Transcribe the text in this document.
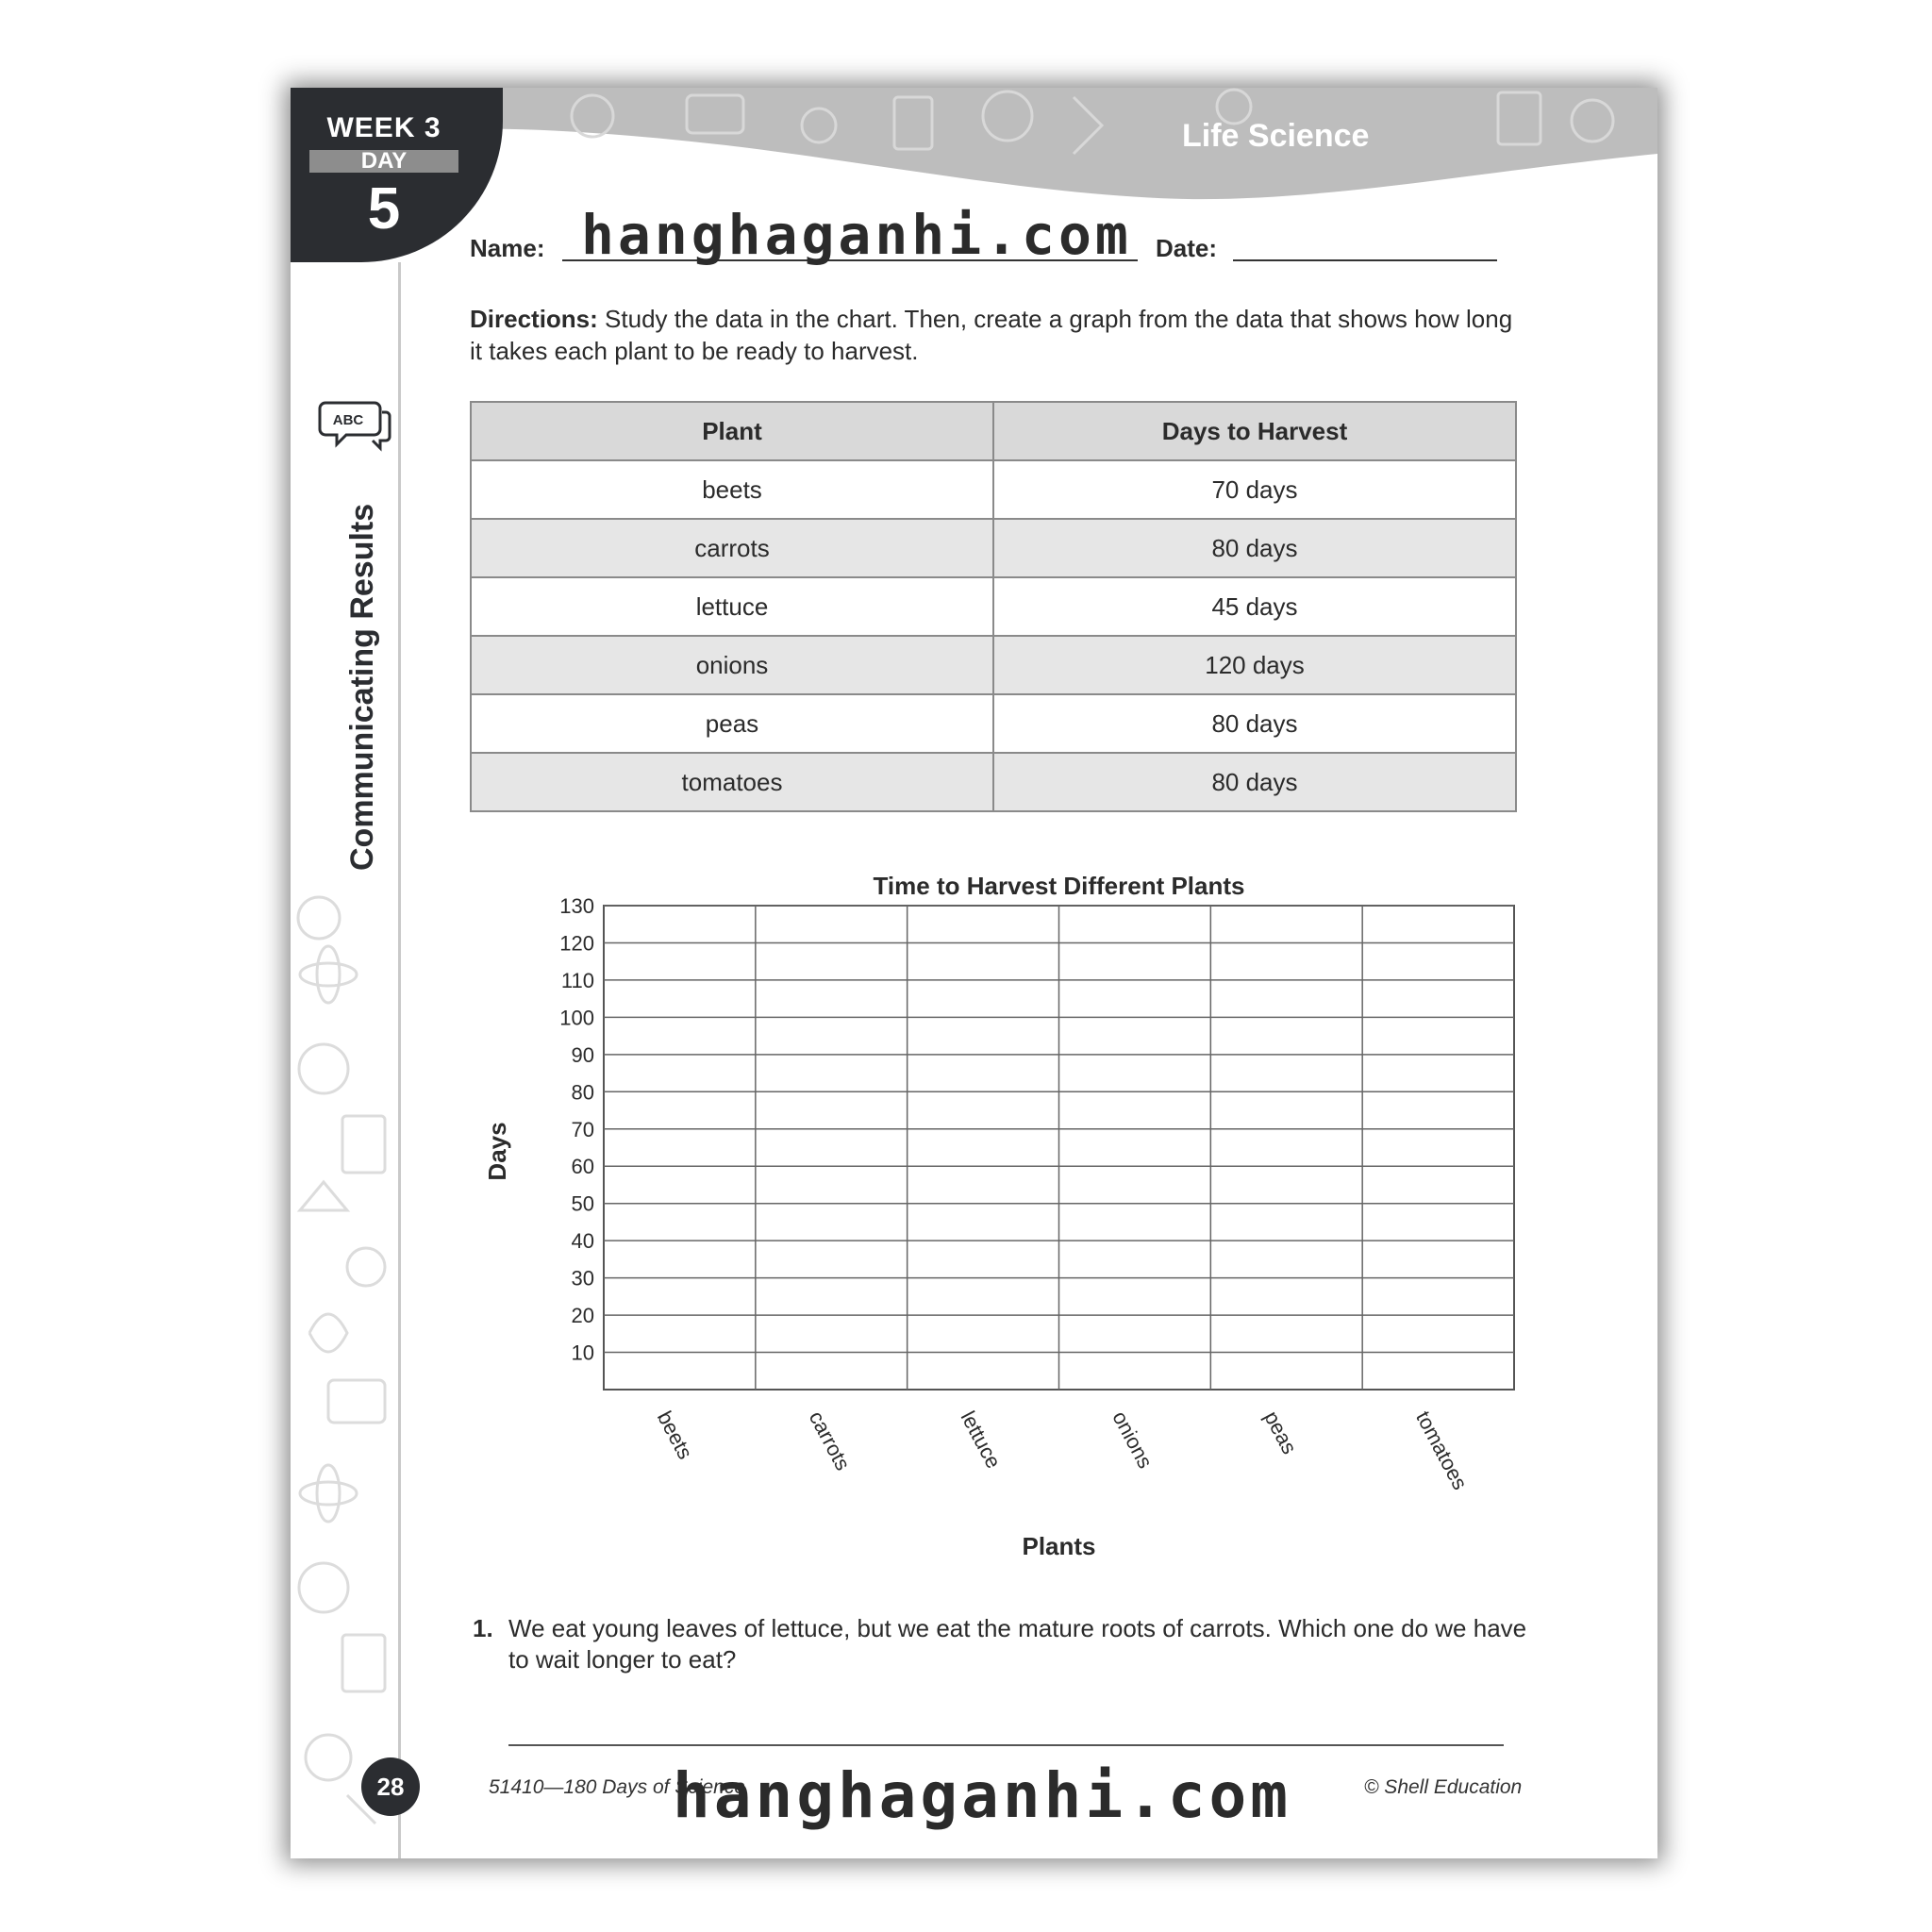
Life Science
WEEK 3
DAY
5
ABC
Communicating Results
Name: hanghaganhi.com Date:
Directions: Study the data in the chart. Then, create a graph from the data that shows how long it takes each plant to be ready to harvest.
Plant	Days to Harvest
beets	70 days
carrots	80 days
lettuce	45 days
onions	120 days
peas	80 days
tomatoes	80 days
Time to Harvest Different Plants
10
20
30
40
50
60
70
80
90
100
110
120
130
beets	carrots	lettuce	onions	peas	tomatoes
Plants
Days
1. We eat young leaves of lettuce, but we eat the mature roots of carrots. Which one do we have to wait longer to eat?
28	51410—180 Days of Science	© Shell Education
hanghaganhi.com
